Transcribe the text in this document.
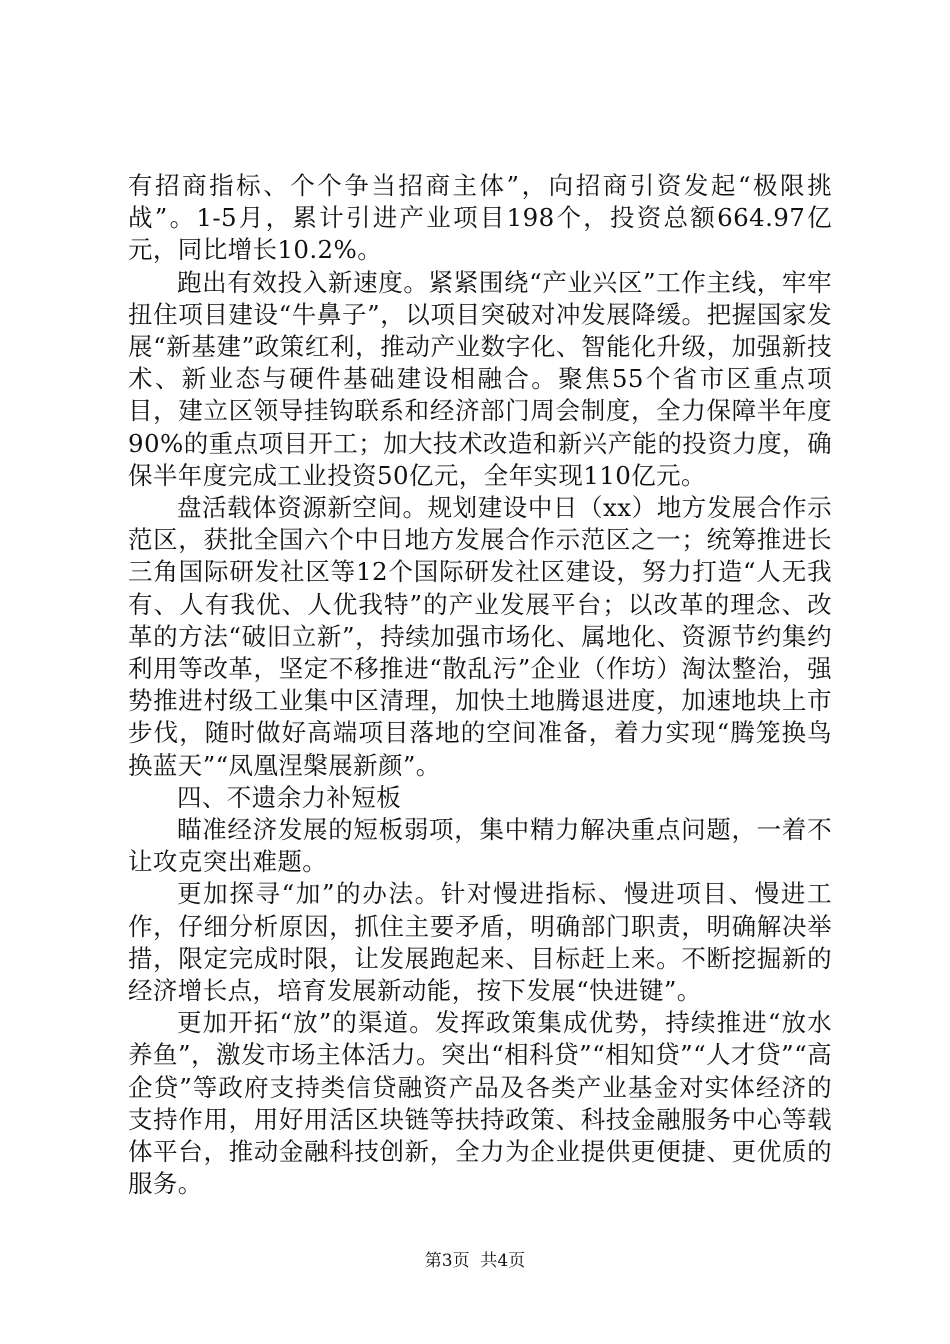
有招商指标、个个争当招商主体”，向招商引资发起“极限挑战”。1-5月，累计引进产业项目198个，投资总额664.97亿元，同比增长10.2%。

跑出有效投入新速度。紧紧围绕“产业兴区”工作主线，牢牢扭住项目建设“牛鼻子”，以项目突破对冲发展降缓。把握国家发展“新基建”政策红利，推动产业数字化、智能化升级，加强新技术、新业态与硬件基础建设相融合。聚焦55个省市区重点项目，建立区领导挂钩联系和经济部门周会制度，全力保障半年度90%的重点项目开工；加大技术改造和新兴产能的投资力度，确保半年度完成工业投资50亿元，全年实现110亿元。

盘活载体资源新空间。规划建设中日（xx）地方发展合作示范区，获批全国六个中日地方发展合作示范区之一；统筹推进长三角国际研发社区等12个国际研发社区建设，努力打造“人无我有、人有我优、人优我特”的产业发展平台；以改革的理念、改革的方法“破旧立新”，持续加强市场化、属地化、资源节约集约利用等改革，坚定不移推进“散乱污”企业（作坊）淘汰整治，强势推进村级工业集中区清理，加快土地腾退进度，加速地块上市步伐，随时做好高端项目落地的空间准备，着力实现“腾笼换鸟换蓝天”“凤凰涅槃展新颜”。

四、不遗余力补短板

瞄准经济发展的短板弱项，集中精力解决重点问题，一着不让攻克突出难题。

更加探寻“加”的办法。针对慢进指标、慢进项目、慢进工作，仔细分析原因，抓住主要矛盾，明确部门职责，明确解决举措，限定完成时限，让发展跑起来、目标赶上来。不断挖掘新的经济增长点，培育发展新动能，按下发展“快进键”。

更加开拓“放”的渠道。发挥政策集成优势，持续推进“放水养鱼”，激发市场主体活力。突出“相科贷”“相知贷”“人才贷”“高企贷”等政府支持类信贷融资产品及各类产业基金对实体经济的支持作用，用好用活区块链等扶持政策、科技金融服务中心等载体平台，推动金融科技创新，全力为企业提供更便捷、更优质的服务。

第3页  共4页
